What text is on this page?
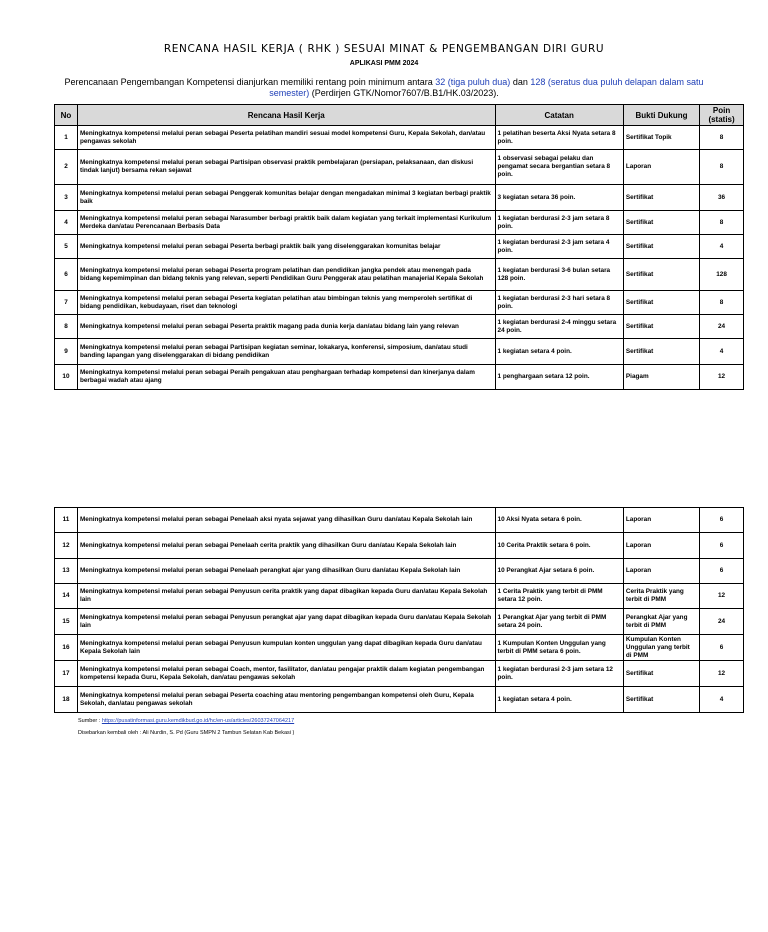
RENCANA HASIL KERJA ( RHK ) SESUAI MINAT & PENGEMBANGAN DIRI GURU
APLIKASI PMM 2024
Perencanaan Pengembangan Kompetensi dianjurkan memiliki rentang poin minimum antara 32 (tiga puluh dua) dan 128 (seratus dua puluh delapan dalam satu semester) (Perdirjen GTK/Nomor7607/B.B1/HK.03/2023).
No	Rencana Hasil Kerja	Catatan	Bukti Dukung	Poin (statis)
1	Meningkatnya kompetensi melalui peran sebagai Peserta pelatihan mandiri sesuai model kompetensi Guru, Kepala Sekolah, dan/atau pengawas sekolah	1 pelatihan beserta Aksi Nyata setara 8 poin.	Sertifikat Topik	8
2	Meningkatnya kompetensi melalui peran sebagai Partisipan observasi praktik pembelajaran (persiapan, pelaksanaan, dan diskusi tindak lanjut) bersama rekan sejawat	1 observasi sebagai pelaku dan pengamat secara bergantian setara 8 poin.	Laporan	8
3	Meningkatnya kompetensi melalui peran sebagai Penggerak komunitas belajar dengan mengadakan minimal 3 kegiatan berbagi praktik baik	3 kegiatan setara 36 poin.	Sertifikat	36
4	Meningkatnya kompetensi melalui peran sebagai Narasumber berbagi praktik baik dalam kegiatan yang terkait implementasi Kurikulum Merdeka dan/atau Perencanaan Berbasis Data	1 kegiatan berdurasi 2-3 jam setara 8 poin.	Sertifikat	8
5	Meningkatnya kompetensi melalui peran sebagai Peserta berbagi praktik baik yang diselenggarakan komunitas belajar	1 kegiatan berdurasi 2-3 jam setara 4 poin.	Sertifikat	4
6	Meningkatnya kompetensi melalui peran sebagai Peserta program pelatihan dan pendidikan jangka pendek atau menengah pada bidang kepemimpinan dan bidang teknis yang relevan, seperti Pendidikan Guru Penggerak atau pelatihan manajerial Kepala Sekolah	1 kegiatan berdurasi 3-6 bulan setara 128 poin.	Sertifikat	128
7	Meningkatnya kompetensi melalui peran sebagai Peserta kegiatan pelatihan atau bimbingan teknis yang memperoleh sertifikat di bidang pendidikan, kebudayaan, riset dan teknologi	1 kegiatan berdurasi 2-3 hari setara 8 poin.	Sertifikat	8
8	Meningkatnya kompetensi melalui peran sebagai Peserta praktik magang pada dunia kerja dan/atau bidang lain yang relevan	1 kegiatan berdurasi 2-4 minggu setara 24 poin.	Sertifikat	24
9	Meningkatnya kompetensi melalui peran sebagai Partisipan kegiatan seminar, lokakarya, konferensi, simposium, dan/atau studi banding lapangan yang diselenggarakan di bidang pendidikan	1 kegiatan setara 4 poin.	Sertifikat	4
10	Meningkatnya kompetensi melalui peran sebagai Peraih pengakuan atau penghargaan terhadap kompetensi dan kinerjanya dalam berbagai wadah atau ajang	1 penghargaan setara 12 poin.	Piagam	12
11	Meningkatnya kompetensi melalui peran sebagai Penelaah aksi nyata sejawat yang dihasilkan Guru dan/atau Kepala Sekolah lain	10 Aksi Nyata setara 6 poin.	Laporan	6
12	Meningkatnya kompetensi melalui peran sebagai Penelaah cerita praktik yang dihasilkan Guru dan/atau Kepala Sekolah lain	10 Cerita Praktik setara 6 poin.	Laporan	6
13	Meningkatnya kompetensi melalui peran sebagai Penelaah perangkat ajar yang dihasilkan Guru dan/atau Kepala Sekolah lain	10 Perangkat Ajar setara 6 poin.	Laporan	6
14	Meningkatnya kompetensi melalui peran sebagai Penyusun cerita praktik yang dapat dibagikan kepada Guru dan/atau Kepala Sekolah lain	1 Cerita Praktik yang terbit di PMM setara 12 poin.	Cerita Praktik yang terbit di PMM	12
15	Meningkatnya kompetensi melalui peran sebagai Penyusun perangkat ajar yang dapat dibagikan kepada Guru dan/atau Kepala Sekolah lain	1 Perangkat Ajar yang terbit di PMM setara 24 poin.	Perangkat Ajar yang terbit di PMM	24
16	Meningkatnya kompetensi melalui peran sebagai Penyusun kumpulan konten unggulan yang dapat dibagikan kepada Guru dan/atau Kepala Sekolah lain	1 Kumpulan Konten Unggulan yang terbit di PMM setara 6 poin.	Kumpulan Konten Unggulan yang terbit di PMM	6
17	Meningkatnya kompetensi melalui peran sebagai Coach, mentor, fasilitator, dan/atau pengajar praktik dalam kegiatan pengembangan kompetensi kepada Guru, Kepala Sekolah, dan/atau pengawas sekolah	1 kegiatan berdurasi 2-3 jam setara 12 poin.	Sertifikat	12
18	Meningkatnya kompetensi melalui peran sebagai Peserta coaching atau mentoring pengembangan kompetensi oleh Guru, Kepala Sekolah, dan/atau pengawas sekolah	1 kegiatan setara 4 poin.	Sertifikat	4
Sumber : https://pusatinformasi.guru.kemdikbud.go.id/hc/en-us/articles/26037247064217
Disebarkan kembali oleh : Ali Nurdin, S. Pd (Guru SMPN 2 Tambun Selatan Kab Bekasi )
